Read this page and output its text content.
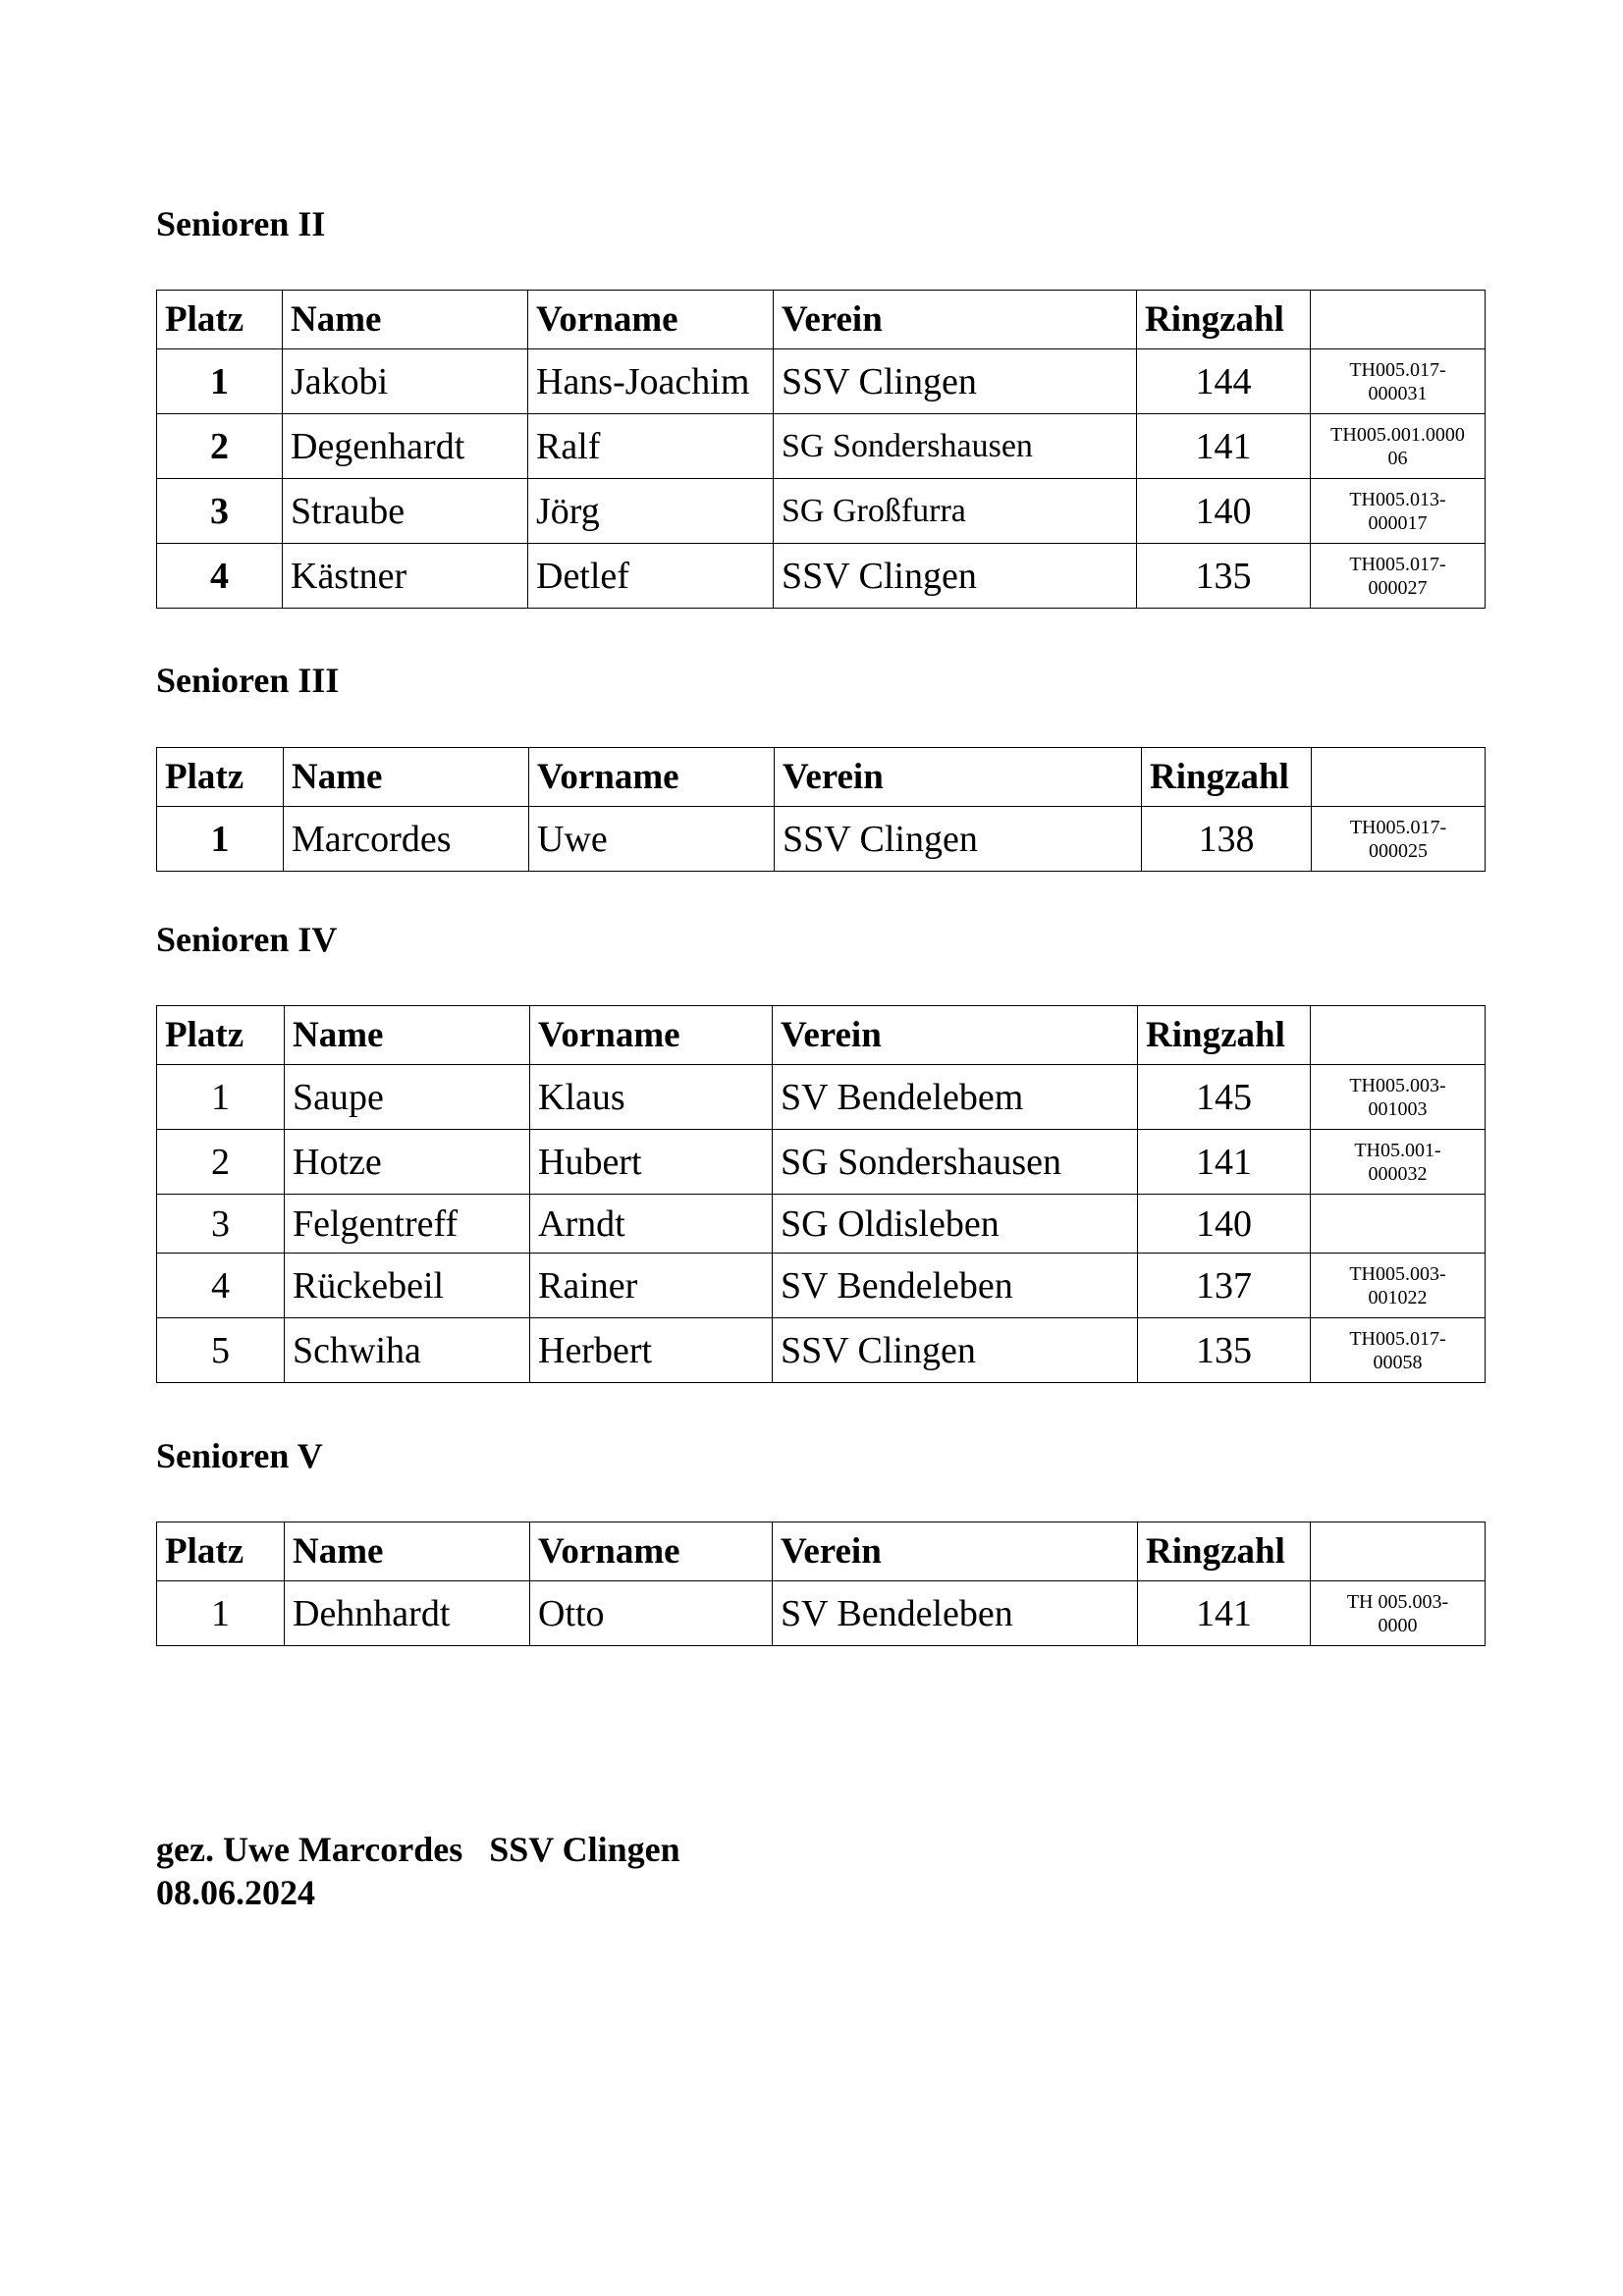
Senioren II
Platz	Name	Vorname	Verein	Ringzahl	
1	Jakobi	Hans-Joachim	SSV Clingen	144	TH005.017-
000031

2	Degenhardt	Ralf	SG Sondershausen	141	TH005.001.0000
06

3	Straube	Jörg	SG Großfurra	140	TH005.013-
000017

4	Kästner	Detlef	SSV Clingen	135	TH005.017-
000027
Senioren III
Platz	Name	Vorname	Verein	Ringzahl	
1	Marcordes	Uwe	SSV Clingen	138	TH005.017-
000025
Senioren IV
Platz	Name	Vorname	Verein	Ringzahl	
1	Saupe	Klaus	SV Bendelebem	145	TH005.003-
001003

2	Hotze	Hubert	SG Sondershausen	141	TH05.001-
000032

3	Felgentreff	Arndt	SG Oldisleben	140	

4	Rückebeil	Rainer	SV Bendeleben	137	TH005.003-
001022

5	Schwiha	Herbert	SSV Clingen	135	TH005.017-
00058
Senioren V
Platz	Name	Vorname	Verein	Ringzahl	
1	Dehnhardt	Otto	SV Bendeleben	141	TH 005.003-
0000
gez. Uwe Marcordes SSV Clingen
08.06.2024
